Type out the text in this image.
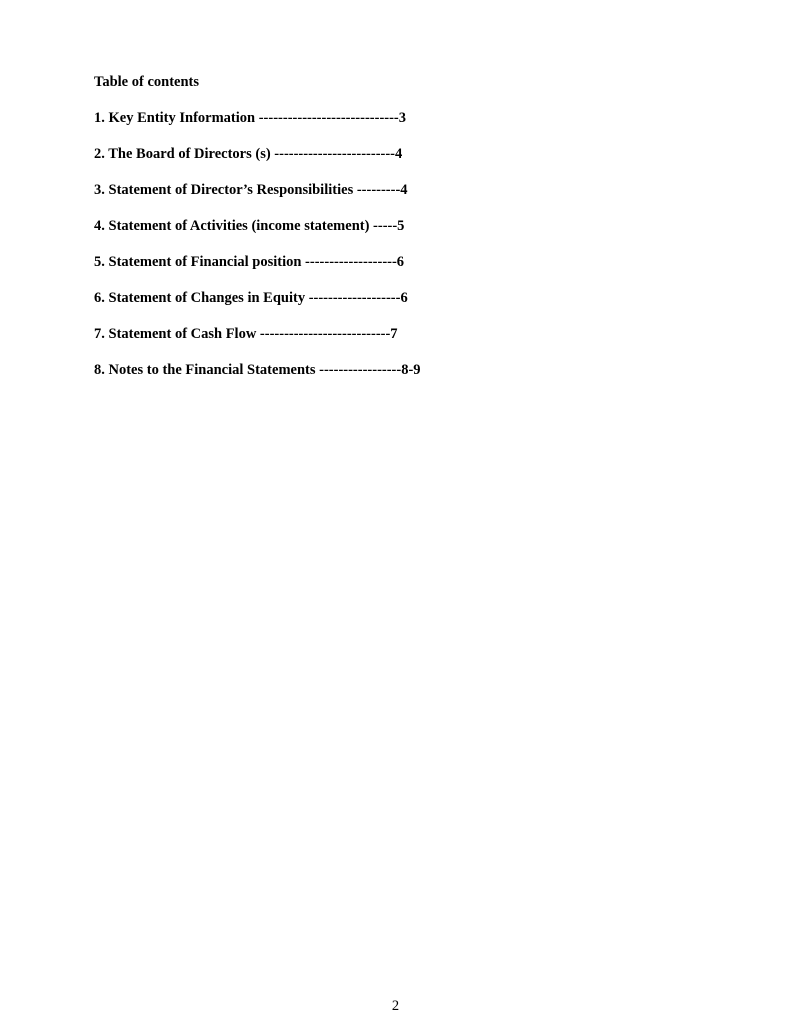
Table of contents
1. Key Entity Information -----------------------------3
2. The Board of Directors (s) -------------------------4
3. Statement of Director’s Responsibilities ---------4
4. Statement of Activities (income statement) -----5
5. Statement of Financial position -------------------6
6. Statement of Changes in Equity -------------------6
7. Statement of Cash Flow ---------------------------7
8. Notes to the Financial Statements -----------------8-9
2
